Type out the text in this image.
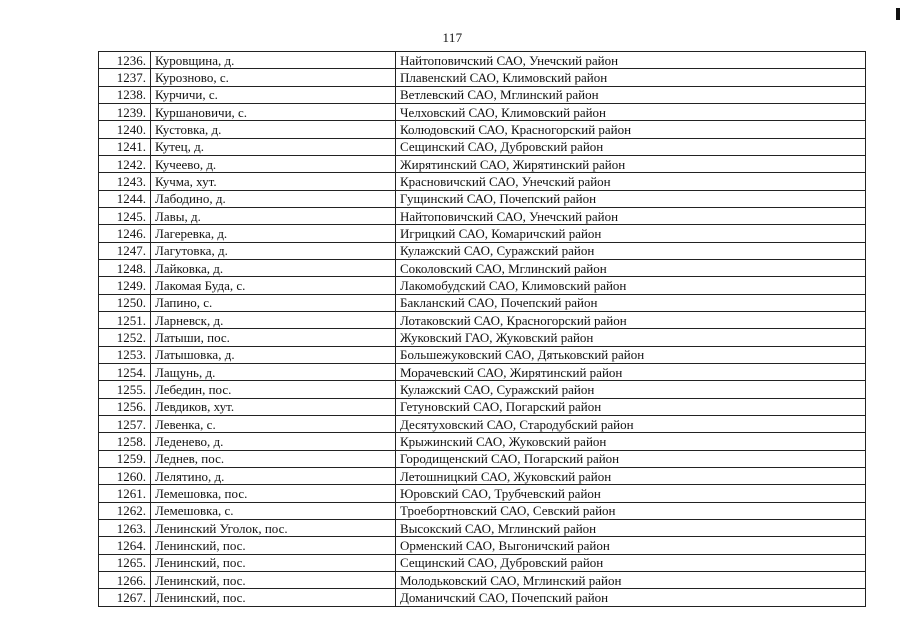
117
1236.	Куровщина, д.	Найтоповичский САО, Унечский район
1237.	Курозново, с.	Плавенский САО, Климовский район
1238.	Курчичи, с.	Ветлевский САО, Мглинский район
1239.	Куршановичи, с.	Чeлховский САО, Климовский район
1240.	Кустовка, д.	Колюдовский САО, Красногорский район
1241.	Кутец, д.	Сещинский САО, Дубровский район
1242.	Кучеево, д.	Жирятинский САО, Жирятинский район
1243.	Кучма, хут.	Красновичский САО, Унечский район
1244.	Лабодино, д.	Гущинский САО, Почепский район
1245.	Лавы, д.	Найтоповичский САО, Унечский район
1246.	Лагеревка, д.	Игрицкий САО, Комаричский район
1247.	Лагутовка, д.	Кулажский САО, Суражский район
1248.	Лайковка, д.	Соколовский САО, Мглинский район
1249.	Лакомая Буда, с.	Лакомобудский САО, Климовский район
1250.	Лапино, с.	Бакланский САО, Почепский район
1251.	Ларневск, д.	Лотаковский САО, Красногорский район
1252.	Латыши, пос.	Жуковский ГАО, Жуковский район
1253.	Латышовка, д.	Большежуковский САО, Дятьковский район
1254.	Лащунь, д.	Морачевский САО, Жирятинский район
1255.	Лебедин, пос.	Кулажский САО, Суражский район
1256.	Левдиков, хут.	Гетуновский САО, Погарский район
1257.	Левенка, с.	Десятуховский САО, Стародубский район
1258.	Леденево, д.	Крыжинский САО, Жуковский район
1259.	Леднев, пос.	Городищенский САО, Погарский район
1260.	Лелятино, д.	Летошницкий САО, Жуковский район
1261.	Лемешовка, пос.	Юровский САО, Трубчевский район
1262.	Лемешовка, с.	Троебортновский САО, Севский район
1263.	Ленинский Уголок, пос.	Высокский САО, Мглинский район
1264.	Ленинский, пос.	Орменский САО, Выгоничский район
1265.	Ленинский, пос.	Сещинский САО, Дубровский район
1266.	Ленинский, пос.	Молодьковский САО, Мглинский район
1267.	Ленинский, пос.	Доманичский САО, Почепский район
